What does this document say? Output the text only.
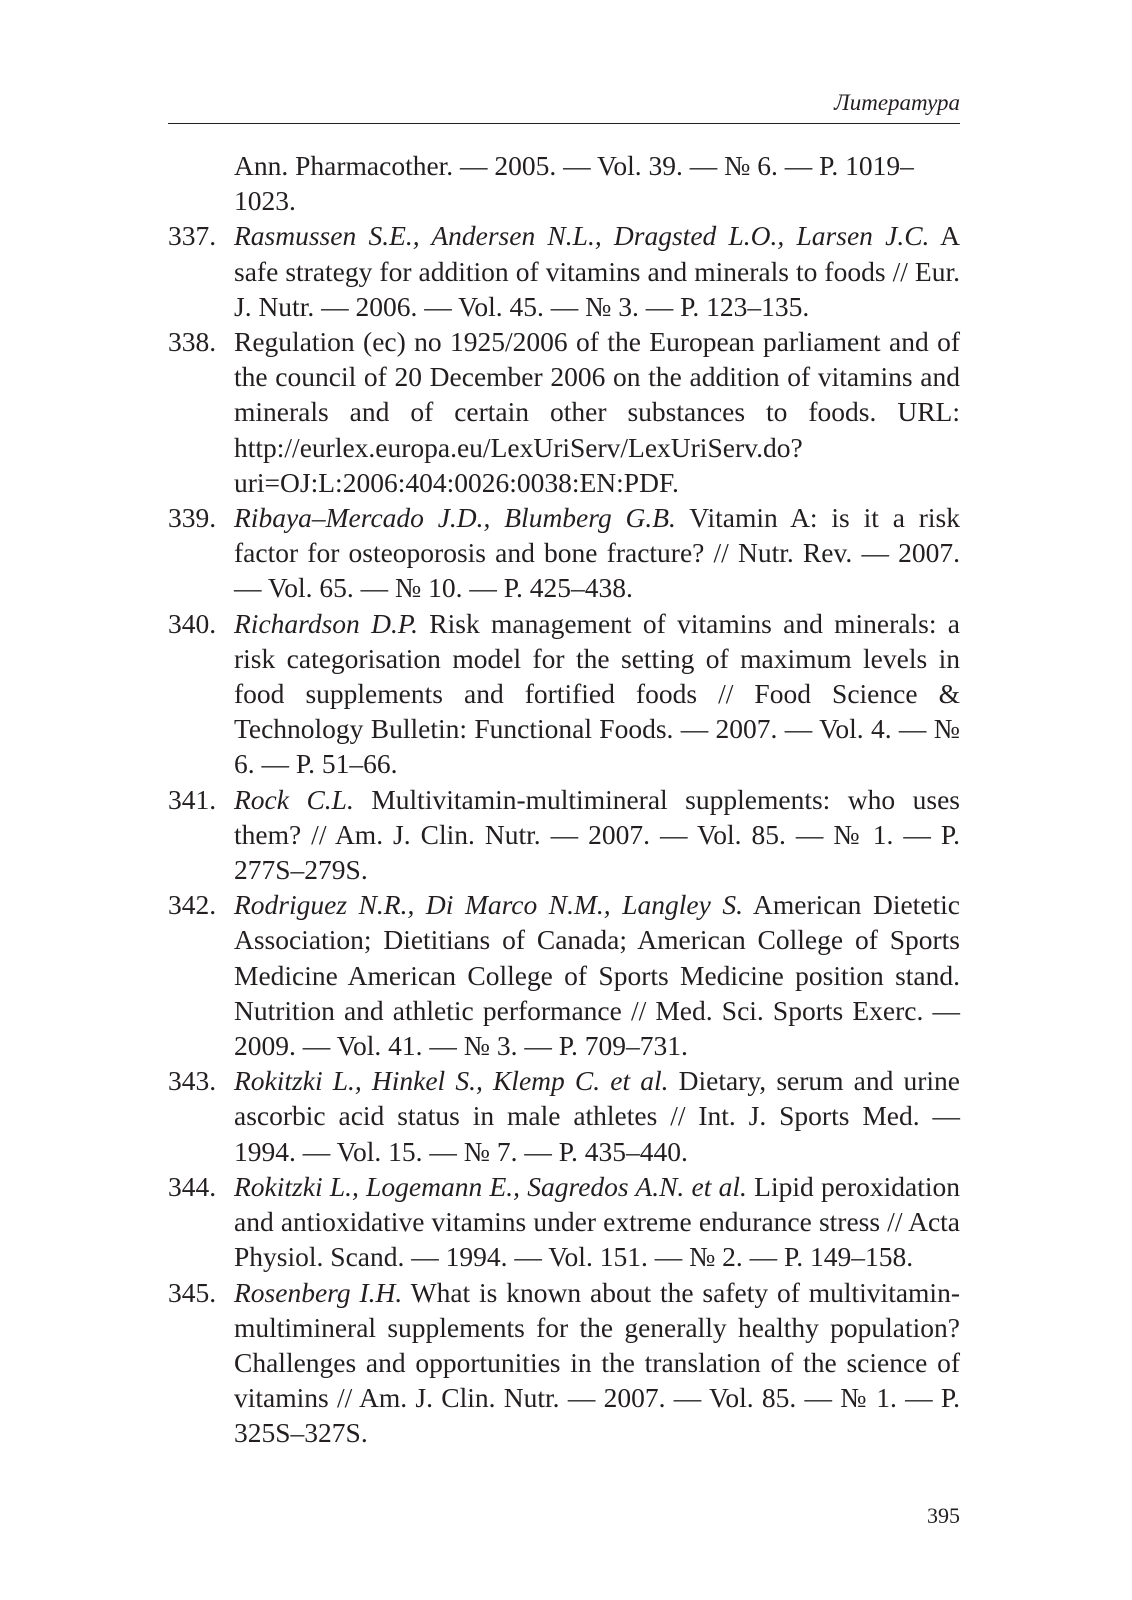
Литература
Ann. Pharmacother. — 2005. — Vol. 39. — № 6. — P. 1019–1023.
337. Rasmussen S.E., Andersen N.L., Dragsted L.O., Larsen J.C. A safe strategy for addition of vitamins and minerals to foods // Eur. J. Nutr. — 2006. — Vol. 45. — № 3. — P. 123–135.
338. Regulation (ec) no 1925/2006 of the European parliament and of the council of 20 December 2006 on the addition of vitamins and minerals and of certain other substances to foods. URL: http://eurlex.europa.eu/LexUriServ/LexUriServ.do?uri=OJ:L:2006:404:0026:0038:EN:PDF.
339. Ribaya–Mercado J.D., Blumberg G.B. Vitamin A: is it a risk factor for osteoporosis and bone fracture? // Nutr. Rev. — 2007. — Vol. 65. — № 10. — P. 425–438.
340. Richardson D.P. Risk management of vitamins and minerals: a risk categorisation model for the setting of maximum levels in food supplements and fortified foods // Food Science & Technology Bulletin: Functional Foods. — 2007. — Vol. 4. — № 6. — P. 51–66.
341. Rock C.L. Multivitamin-multimineral supplements: who uses them? // Am. J. Clin. Nutr. — 2007. — Vol. 85. — № 1. — P. 277S–279S.
342. Rodriguez N.R., Di Marco N.M., Langley S. American Dietetic Association; Dietitians of Canada; American College of Sports Medicine American College of Sports Medicine position stand. Nutrition and athletic performance // Med. Sci. Sports Exerc. — 2009. — Vol. 41. — № 3. — P. 709–731.
343. Rokitzki L., Hinkel S., Klemp C. et al. Dietary, serum and urine ascorbic acid status in male athletes // Int. J. Sports Med. — 1994. — Vol. 15. — № 7. — P. 435–440.
344. Rokitzki L., Logemann E., Sagredos A.N. et al. Lipid peroxidation and antioxidative vitamins under extreme endurance stress // Acta Physiol. Scand. — 1994. — Vol. 151. — № 2. — P. 149–158.
345. Rosenberg I.H. What is known about the safety of multivitamin-multimineral supplements for the generally healthy population? Challenges and opportunities in the translation of the science of vitamins // Am. J. Clin. Nutr. — 2007. — Vol. 85. — № 1. — P. 325S–327S.
395
